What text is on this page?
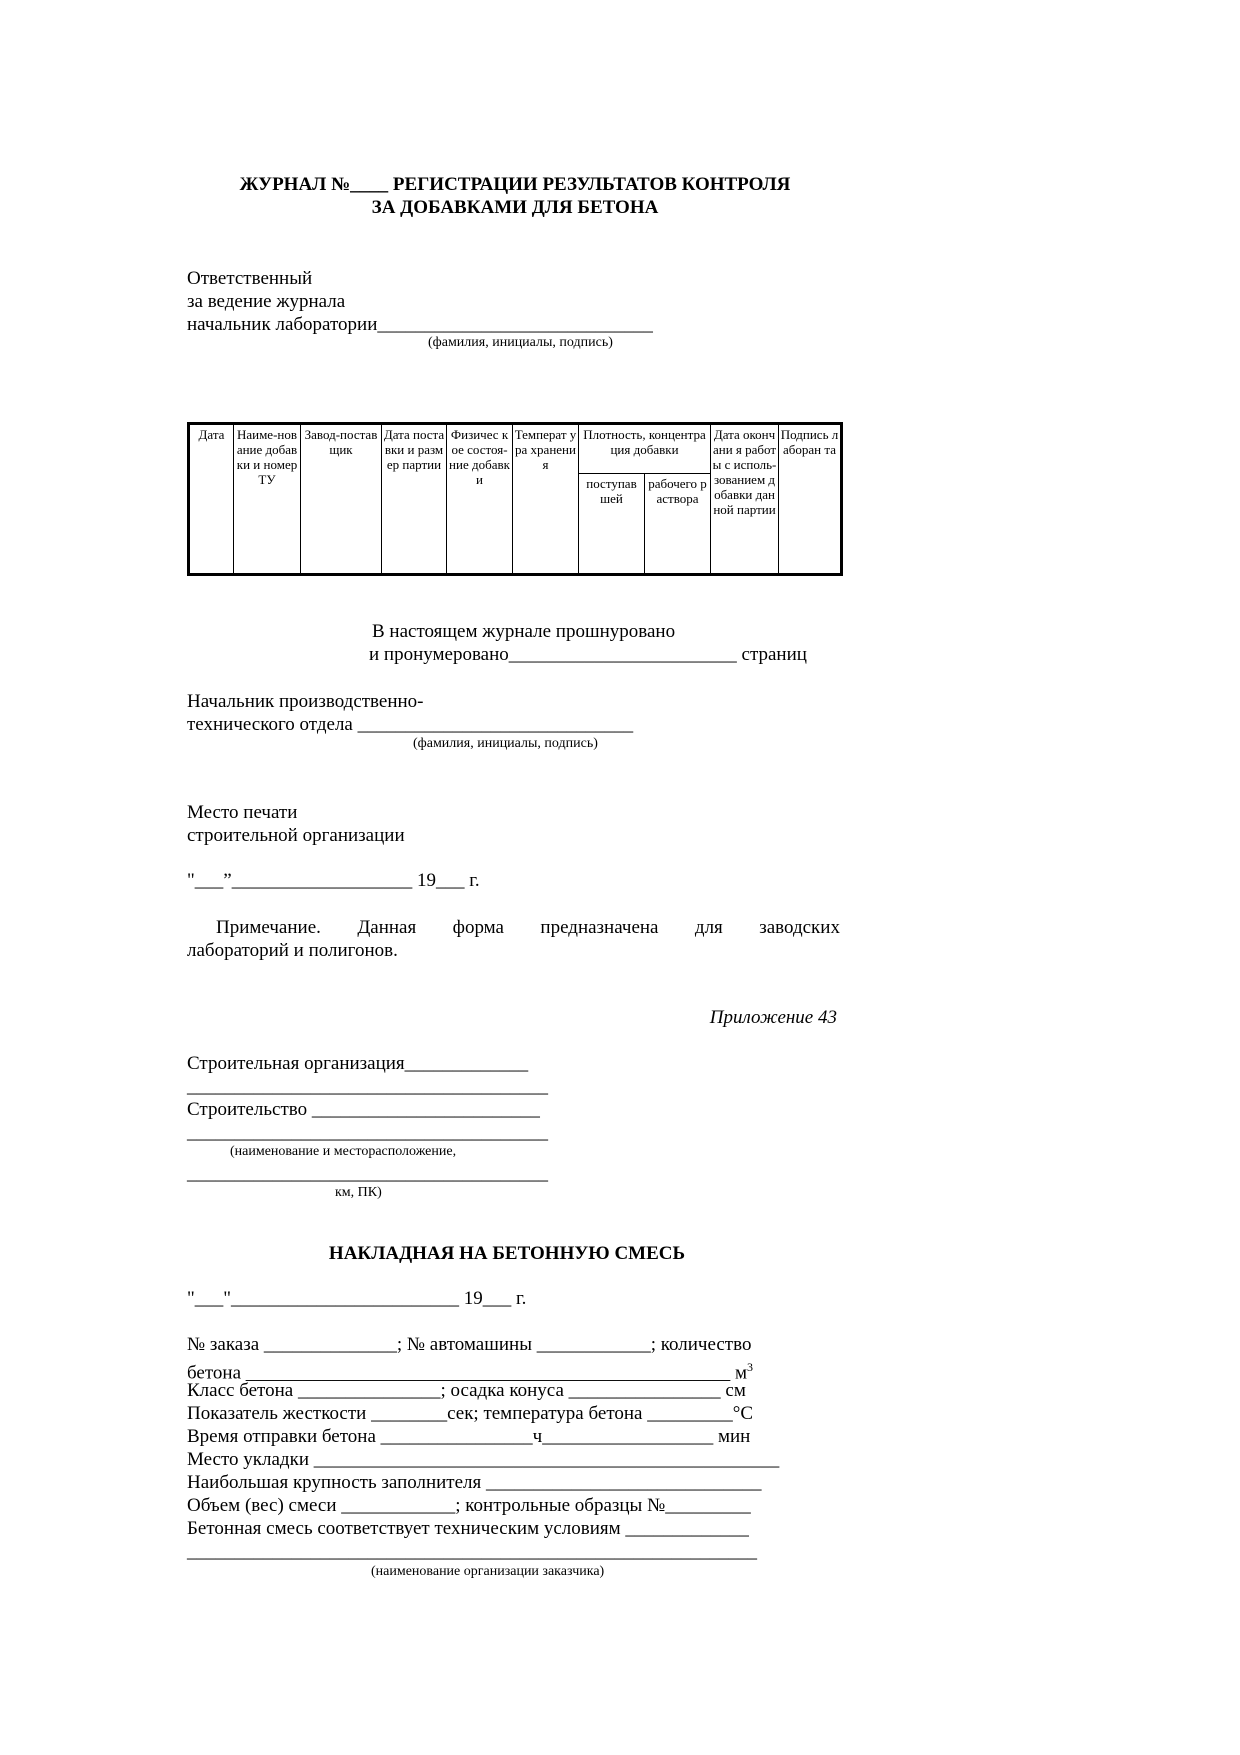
ЖУРНАЛ №____ РЕГИСТРАЦИИ РЕЗУЛЬТАТОВ КОНТРОЛЯ
ЗА ДОБАВКАМИ ДЛЯ БЕТОНА
Ответственный
за ведение журнала
начальник лаборатории_____________________________
(фамилия, инициалы, подпись)
Дата	Наиме-нование добавки и номер ТУ	Завод-поставщик	Дата поставки и размер партии	Физичес кое состоя-ние добавки	Температ ура хранения	Плотность, концентрация добавки		Дата окончани я работы с исполь-зованием добавки данной партии	Подпись лаборан та
						поступав шей	рабочего раствора		
В настоящем журнале прошнуровано
и пронумеровано________________________ страниц
Начальник производственно-
технического отдела _____________________________
(фамилия, инициалы, подпись)
Место печати
строительной организации
"___”___________________ 19___ г.
Примечание. Данная форма предназначена для заводских
лабораторий и полигонов.
Приложение 43
Строительная организация_____________
______________________________________
Строительство ________________________
______________________________________
(наименование и месторасположение,
______________________________________
км, ПК)
НАКЛАДНАЯ НА БЕТОННУЮ СМЕСЬ
"___"________________________ 19___ г.
№ заказа ______________; № автомашины ____________; количество
бетона ___________________________________________________ $м^3$
Класс бетона _______________; осадка конуса ________________ см
Показатель жесткости ________сек; температура бетона _________°С
Время отправки бетона ________________ч__________________ мин
Место укладки _________________________________________________
Наибольшая крупность заполнителя _____________________________
Объем (вес) смеси ____________; контрольные образцы №_________
Бетонная смесь соответствует техническим условиям _____________
____________________________________________________________
(наименование организации заказчика)
